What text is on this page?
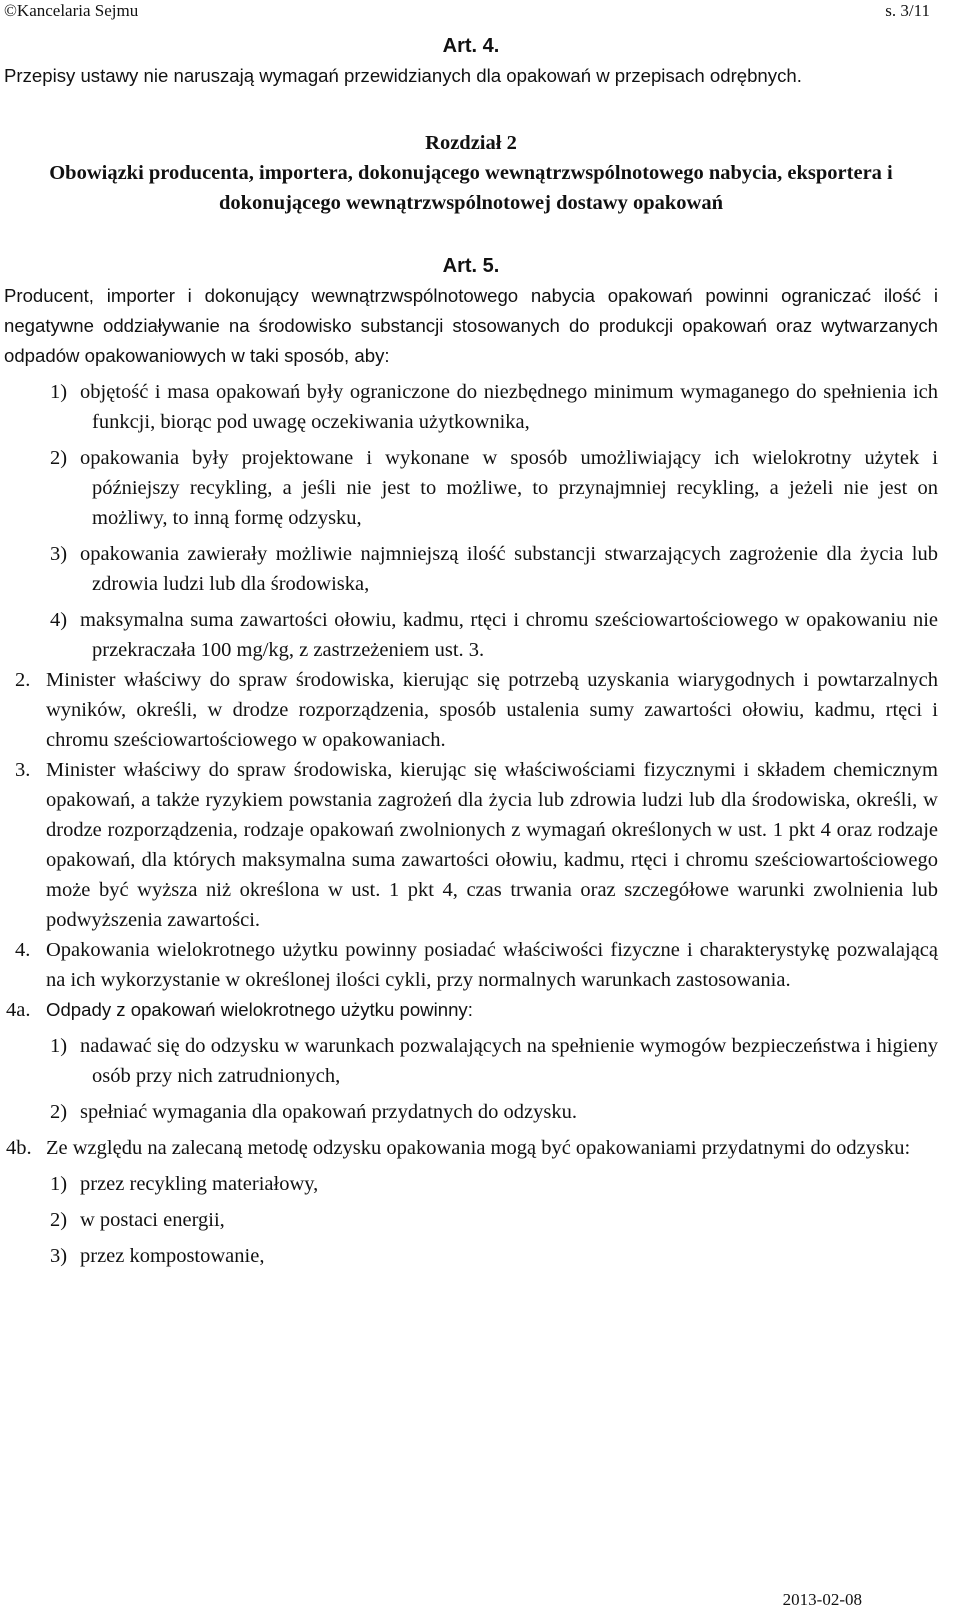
©Kancelaria Sejmu	s. 3/11
Art. 4.

Przepisy ustawy nie naruszają wymagań przewidzianych dla opakowań w przepisach odrębnych.

Rozdział 2
Obowiązki producenta, importera, dokonującego wewnątrzwspólnotowego nabycia, eksportera i dokonującego wewnątrzwspólnotowej dostawy opakowań
Art. 5.

Producent, importer i dokonujący wewnątrzwspólnotowego nabycia opakowań powinni ograniczać ilość i negatywne oddziaływanie na środowisko substancji stosowanych do produkcji opakowań oraz wytwarzanych odpadów opakowaniowych w taki sposób, aby:

1) objętość i masa opakowań były ograniczone do niezbędnego minimum wymaganego do spełnienia ich funkcji, biorąc pod uwagę oczekiwania użytkownika,
2) opakowania były projektowane i wykonane w sposób umożliwiający ich wielokrotny użytek i późniejszy recykling, a jeśli nie jest to możliwe, to przynajmniej recykling, a jeżeli nie jest on możliwy, to inną formę odzysku,
3) opakowania zawierały możliwie najmniejszą ilość substancji stwarzających zagrożenie dla życia lub zdrowia ludzi lub dla środowiska,
4) maksymalna suma zawartości ołowiu, kadmu, rtęci i chromu sześciowartościowego w opakowaniu nie przekraczała 100 mg/kg, z zastrzeżeniem ust. 3.
2. Minister właściwy do spraw środowiska, kierując się potrzebą uzyskania wiarygodnych i powtarzalnych wyników, określi, w drodze rozporządzenia, sposób ustalenia sumy zawartości ołowiu, kadmu, rtęci i chromu sześciowartościowego w opakowaniach.
3. Minister właściwy do spraw środowiska, kierując się właściwościami fizycznymi i składem chemicznym opakowań, a także ryzykiem powstania zagrożeń dla życia lub zdrowia ludzi lub dla środowiska, określi, w drodze rozporządzenia, rodzaje opakowań zwolnionych z wymagań określonych w ust. 1 pkt 4 oraz rodzaje opakowań, dla których maksymalna suma zawartości ołowiu, kadmu, rtęci i chromu sześciowartościowego może być wyższa niż określona w ust. 1 pkt 4, czas trwania oraz szczegółowe warunki zwolnienia lub podwyższenia zawartości.
4. Opakowania wielokrotnego użytku powinny posiadać właściwości fizyczne i charakterystykę pozwalającą na ich wykorzystanie w określonej ilości cykli, przy normalnych warunkach zastosowania.
4a. Odpady z opakowań wielokrotnego użytku powinny:
1) nadawać się do odzysku w warunkach pozwalających na spełnienie wymogów bezpieczeństwa i higieny osób przy nich zatrudnionych,
2) spełniać wymagania dla opakowań przydatnych do odzysku.
4b. Ze względu na zalecaną metodę odzysku opakowania mogą być opakowaniami przydatnymi do odzysku:
1) przez recykling materiałowy,
2) w postaci energii,
3) przez kompostowanie,
2013-02-08
